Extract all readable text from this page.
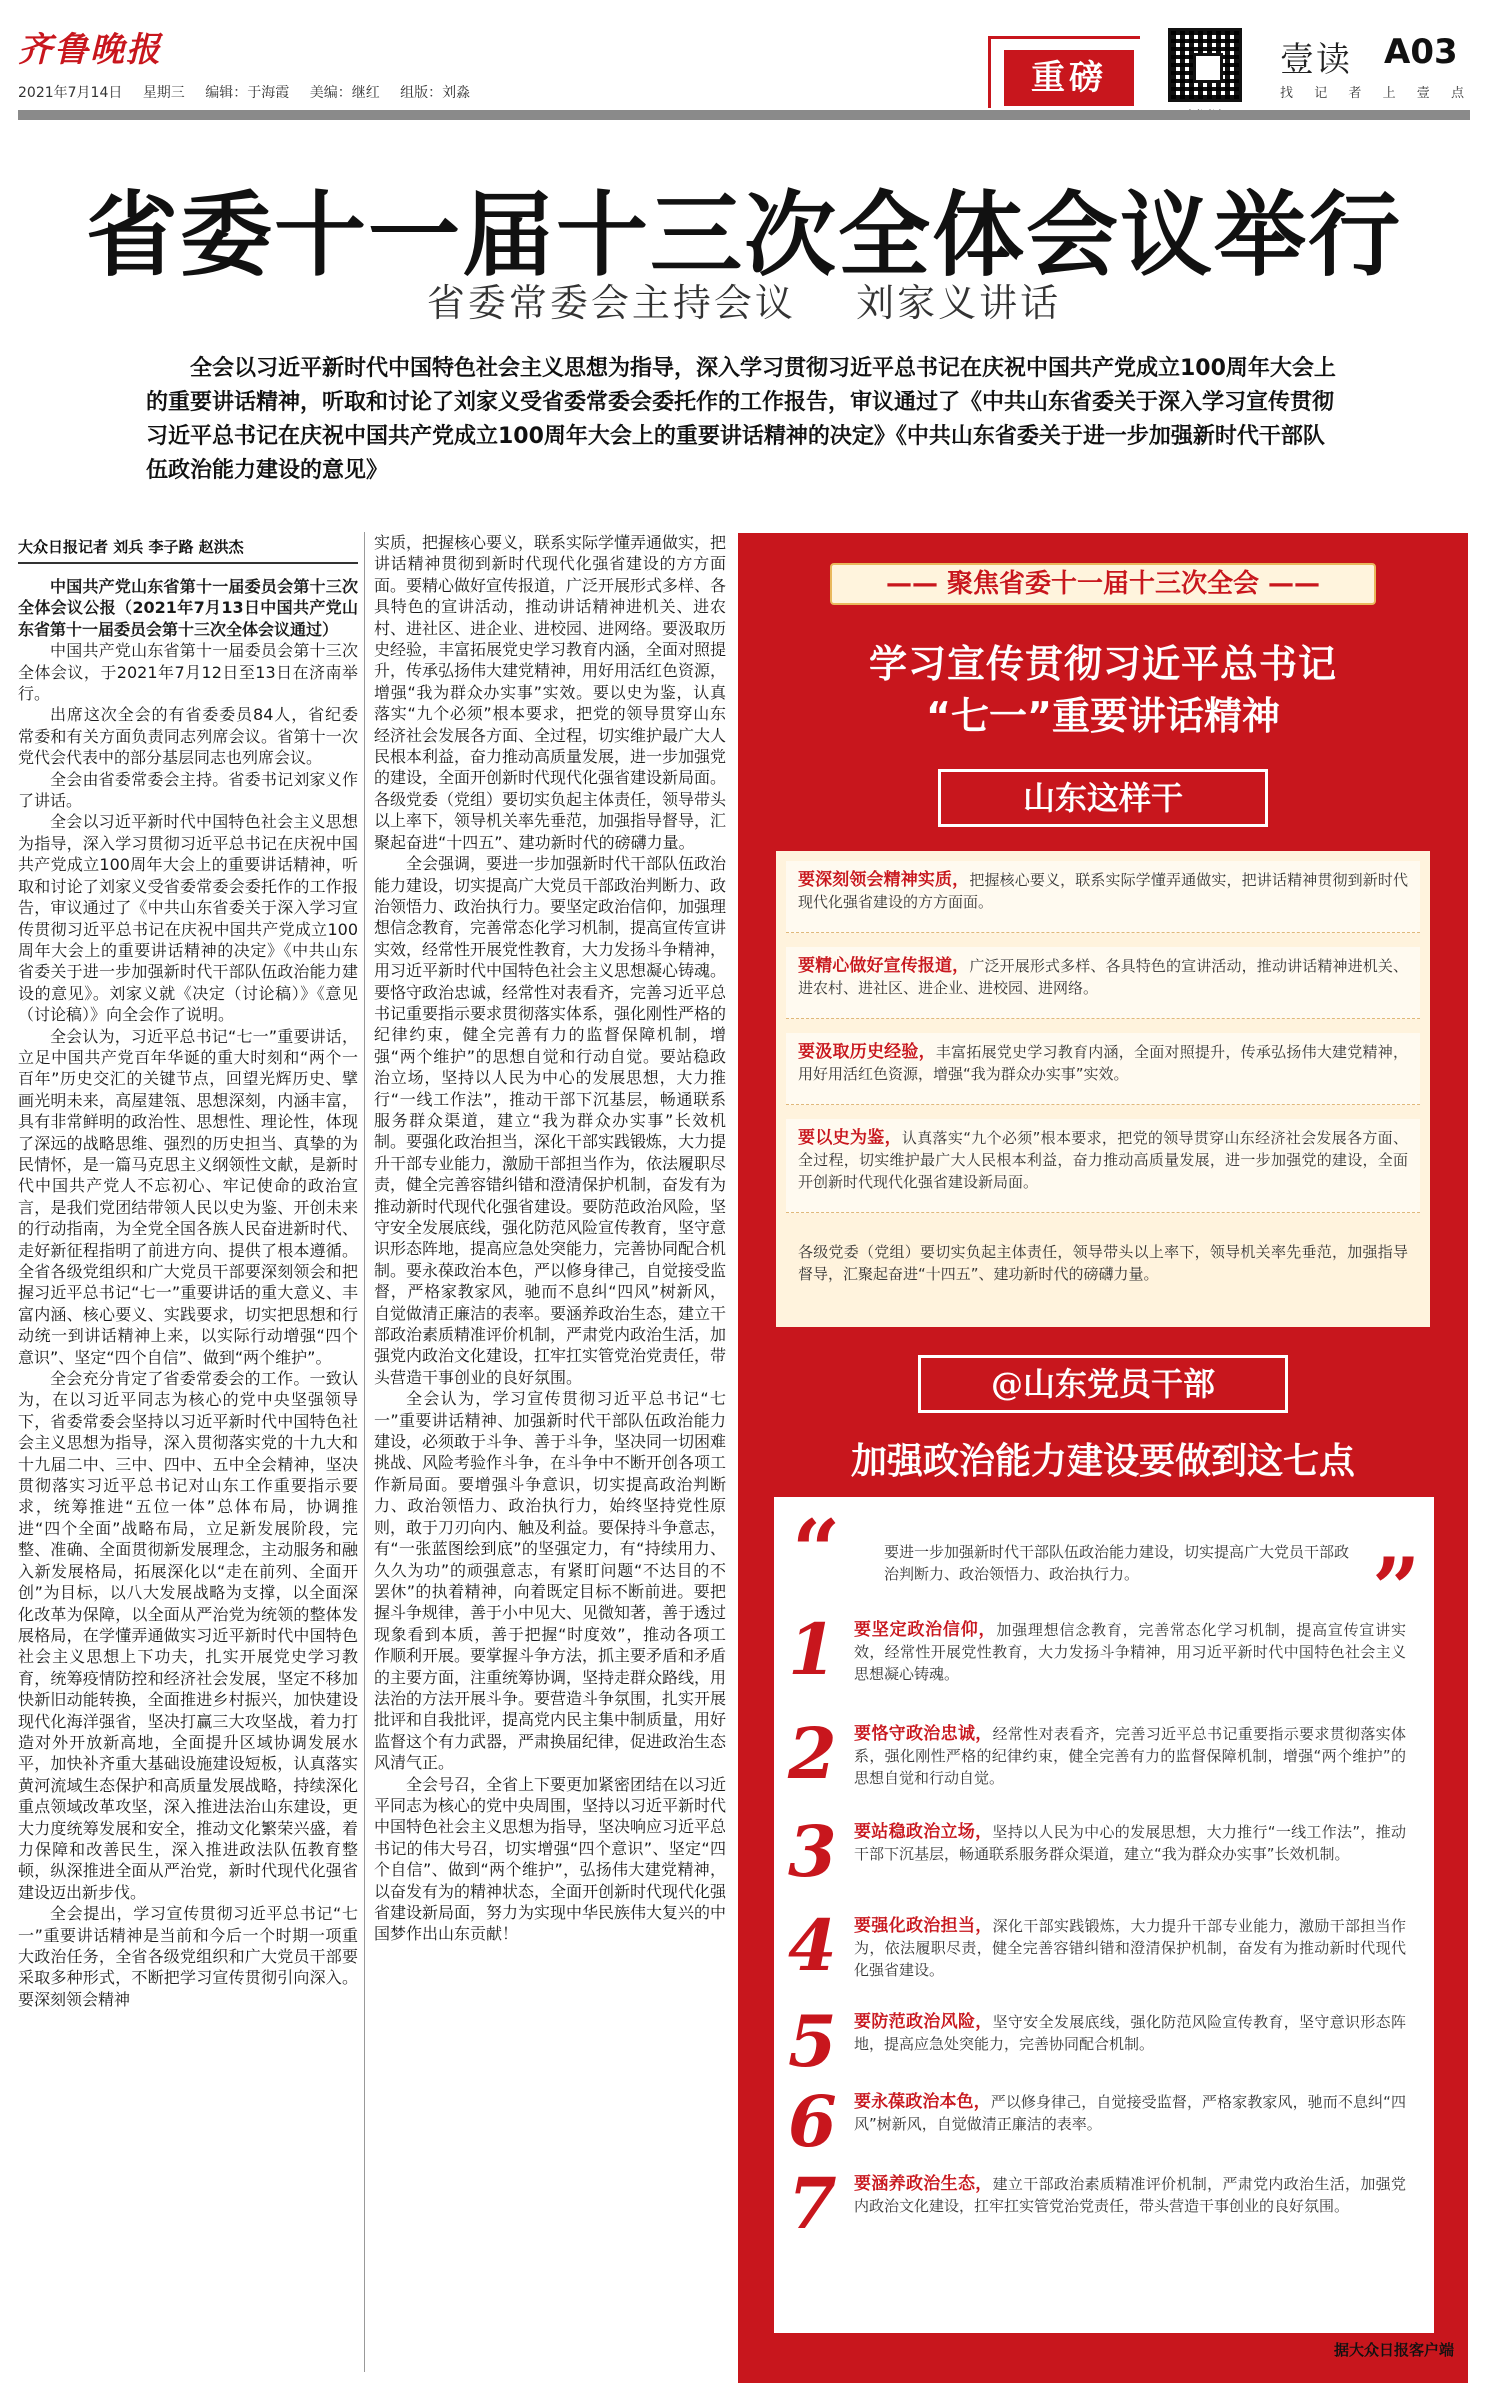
齐鲁晚报
2021年7月14日 星期三 编辑：于海霞 美编：继红 组版：刘淼	重磅	壹读 A03
找 记 者 上 壹 点
省委十一届十三次全体会议举行
省委常委会主持会议    刘家义讲话

全会以习近平新时代中国特色社会主义思想为指导，深入学习贯彻习近平总书记在庆祝中国共产党成立100周年大会上的重要讲话精神，听取和讨论了刘家义受省委常委会委托作的工作报告，审议通过了《中共山东省委关于深入学习宣传贯彻习近平总书记在庆祝中国共产党成立100周年大会上的重要讲话精神的决定》《中共山东省委关于进一步加强新时代干部队伍政治能力建设的意见》

大众日报记者 刘兵 李子路 赵洪杰

中国共产党山东省第十一届委员会第十三次全体会议公报（2021年7月13日中国共产党山东省第十一届委员会第十三次全体会议通过）

中国共产党山东省第十一届委员会第十三次全体会议，于2021年7月12日至13日在济南举行。

出席这次全会的有省委委员84人，省纪委常委和有关方面负责同志列席会议。省第十一次党代会代表中的部分基层同志也列席会议。

全会由省委常委会主持。省委书记刘家义作了讲话。

全会以习近平新时代中国特色社会主义思想为指导，深入学习贯彻习近平总书记在庆祝中国共产党成立100周年大会上的重要讲话精神，听取和讨论了刘家义受省委常委会委托作的工作报告，审议通过了《中共山东省委关于深入学习宣传贯彻习近平总书记在庆祝中国共产党成立100周年大会上的重要讲话精神的决定》《中共山东省委关于进一步加强新时代干部队伍政治能力建设的意见》。刘家义就《决定（讨论稿）》《意见（讨论稿）》向全会作了说明。

全会认为，习近平总书记“七一”重要讲话，立足中国共产党百年华诞的重大时刻和“两个一百年”历史交汇的关键节点，回望光辉历史、擘画光明未来，高屋建瓴、思想深刻，内涵丰富，具有非常鲜明的政治性、思想性、理论性，体现了深远的战略思维、强烈的历史担当、真挚的为民情怀，是一篇马克思主义纲领性文献，是新时代中国共产党人不忘初心、牢记使命的政治宣言，是我们党团结带领人民以史为鉴、开创未来的行动指南，为全党全国各族人民奋进新时代、走好新征程指明了前进方向、提供了根本遵循。全省各级党组织和广大党员干部要深刻领会和把握习近平总书记“七一”重要讲话的重大意义、丰富内涵、核心要义、实践要求，切实把思想和行动统一到讲话精神上来，以实际行动增强“四个意识”、坚定“四个自信”、做到“两个维护”。

全会充分肯定了省委常委会的工作。一致认为，在以习近平同志为核心的党中央坚强领导下，省委常委会坚持以习近平新时代中国特色社会主义思想为指导，深入贯彻落实党的十九大和十九届二中、三中、四中、五中全会精神，坚决贯彻落实习近平总书记对山东工作重要指示要求，统筹推进“五位一体”总体布局，协调推进“四个全面”战略布局，立足新发展阶段，完整、准确、全面贯彻新发展理念，主动服务和融入新发展格局，拓展深化以“走在前列、全面开创”为目标，以八大发展战略为支撑，以全面深化改革为保障，以全面从严治党为统领的整体发展格局，在学懂弄通做实习近平新时代中国特色社会主义思想上下功夫，扎实开展党史学习教育，统筹疫情防控和经济社会发展，坚定不移加快新旧动能转换，全面推进乡村振兴，加快建设现代化海洋强省，坚决打赢三大攻坚战，着力打造对外开放新高地，全面提升区域协调发展水平，加快补齐重大基础设施建设短板，认真落实黄河流域生态保护和高质量发展战略，持续深化重点领域改革攻坚，深入推进法治山东建设，更大力度统筹发展和安全，推动文化繁荣兴盛，着力保障和改善民生，深入推进政法队伍教育整顿，纵深推进全面从严治党，新时代现代化强省建设迈出新步伐。

全会提出，学习宣传贯彻习近平总书记“七一”重要讲话精神是当前和今后一个时期一项重大政治任务，全省各级党组织和广大党员干部要采取多种形式，不断把学习宣传贯彻引向深入。要深刻领会精神

实质，把握核心要义，联系实际学懂弄通做实，把讲话精神贯彻到新时代现代化强省建设的方方面面。要精心做好宣传报道，广泛开展形式多样、各具特色的宣讲活动，推动讲话精神进机关、进农村、进社区、进企业、进校园、进网络。要汲取历史经验，丰富拓展党史学习教育内涵，全面对照提升，传承弘扬伟大建党精神，用好用活红色资源，增强“我为群众办实事”实效。要以史为鉴，认真落实“九个必须”根本要求，把党的领导贯穿山东经济社会发展各方面、全过程，切实维护最广大人民根本利益，奋力推动高质量发展，进一步加强党的建设，全面开创新时代现代化强省建设新局面。各级党委（党组）要切实负起主体责任，领导带头以上率下，领导机关率先垂范，加强指导督导，汇聚起奋进“十四五”、建功新时代的磅礴力量。

全会强调，要进一步加强新时代干部队伍政治能力建设，切实提高广大党员干部政治判断力、政治领悟力、政治执行力。要坚定政治信仰，加强理想信念教育，完善常态化学习机制，提高宣传宣讲实效，经常性开展党性教育，大力发扬斗争精神，用习近平新时代中国特色社会主义思想凝心铸魂。要恪守政治忠诚，经常性对表看齐，完善习近平总书记重要指示要求贯彻落实体系，强化刚性严格的纪律约束，健全完善有力的监督保障机制，增强“两个维护”的思想自觉和行动自觉。要站稳政治立场，坚持以人民为中心的发展思想，大力推行“一线工作法”，推动干部下沉基层，畅通联系服务群众渠道，建立“我为群众办实事”长效机制。要强化政治担当，深化干部实践锻炼，大力提升干部专业能力，激励干部担当作为，依法履职尽责，健全完善容错纠错和澄清保护机制，奋发有为推动新时代现代化强省建设。要防范政治风险，坚守安全发展底线，强化防范风险宣传教育，坚守意识形态阵地，提高应急处突能力，完善协同配合机制。要永葆政治本色，严以修身律己，自觉接受监督，严格家教家风，驰而不息纠“四风”树新风，自觉做清正廉洁的表率。要涵养政治生态，建立干部政治素质精准评价机制，严肃党内政治生活，加强党内政治文化建设，扛牢扛实管党治党责任，带头营造干事创业的良好氛围。

全会认为，学习宣传贯彻习近平总书记“七一”重要讲话精神、加强新时代干部队伍政治能力建设，必须敢于斗争、善于斗争，坚决同一切困难挑战、风险考验作斗争，在斗争中不断开创各项工作新局面。要增强斗争意识，切实提高政治判断力、政治领悟力、政治执行力，始终坚持党性原则，敢于刀刃向内、触及利益。要保持斗争意志，有“一张蓝图绘到底”的坚强定力，有“持续用力、久久为功”的顽强意志，有紧盯问题“不达目的不罢休”的执着精神，向着既定目标不断前进。要把握斗争规律，善于小中见大、见微知著，善于透过现象看到本质，善于把握“时度效”，推动各项工作顺利开展。要掌握斗争方法，抓主要矛盾和矛盾的主要方面，注重统筹协调，坚持走群众路线，用法治的方法开展斗争。要营造斗争氛围，扎实开展批评和自我批评，提高党内民主集中制质量，用好监督这个有力武器，严肃换届纪律，促进政治生态风清气正。

全会号召，全省上下要更加紧密团结在以习近平同志为核心的党中央周围，坚持以习近平新时代中国特色社会主义思想为指导，坚决响应习近平总书记的伟大号召，切实增强“四个意识”、坚定“四个自信”、做到“两个维护”，弘扬伟大建党精神，以奋发有为的精神状态，全面开创新时代现代化强省建设新局面，努力为实现中华民族伟大复兴的中国梦作出山东贡献！

—— 聚焦省委十一届十三次全会 ——
学习宣传贯彻习近平总书记
“七一”重要讲话精神
山东这样干
要深刻领会精神实质，把握核心要义，联系实际学懂弄通做实，把讲话精神贯彻到新时代现代化强省建设的方方面面。
要精心做好宣传报道，广泛开展形式多样、各具特色的宣讲活动，推动讲话精神进机关、进农村、进社区、进企业、进校园、进网络。
要汲取历史经验，丰富拓展党史学习教育内涵，全面对照提升，传承弘扬伟大建党精神，用好用活红色资源，增强“我为群众办实事”实效。
要以史为鉴，认真落实“九个必须”根本要求，把党的领导贯穿山东经济社会发展各方面、全过程，切实维护最广大人民根本利益，奋力推动高质量发展，进一步加强党的建设，全面开创新时代现代化强省建设新局面。
各级党委（党组）要切实负起主体责任，领导带头以上率下，领导机关率先垂范，加强指导督导，汇聚起奋进“十四五”、建功新时代的磅礴力量。
@山东党员干部
加强政治能力建设要做到这七点
“	要进一步加强新时代干部队伍政治能力建设，切实提高广大党员干部政治判断力、政治领悟力、政治执行力。	”
1	要坚定政治信仰，加强理想信念教育，完善常态化学习机制，提高宣传宣讲实效，经常性开展党性教育，大力发扬斗争精神，用习近平新时代中国特色社会主义思想凝心铸魂。
2	要恪守政治忠诚，经常性对表看齐，完善习近平总书记重要指示要求贯彻落实体系，强化刚性严格的纪律约束，健全完善有力的监督保障机制，增强“两个维护”的思想自觉和行动自觉。
3	要站稳政治立场，坚持以人民为中心的发展思想，大力推行“一线工作法”，推动干部下沉基层，畅通联系服务群众渠道，建立“我为群众办实事”长效机制。
4	要强化政治担当，深化干部实践锻炼，大力提升干部专业能力，激励干部担当作为，依法履职尽责，健全完善容错纠错和澄清保护机制，奋发有为推动新时代现代化强省建设。
5	要防范政治风险，坚守安全发展底线，强化防范风险宣传教育，坚守意识形态阵地，提高应急处突能力，完善协同配合机制。
6	要永葆政治本色，严以修身律己，自觉接受监督，严格家教家风，驰而不息纠“四风”树新风，自觉做清正廉洁的表率。
7	要涵养政治生态，建立干部政治素质精准评价机制，严肃党内政治生活，加强党内政治文化建设，扛牢扛实管党治党责任，带头营造干事创业的良好氛围。
据大众日报客户端
